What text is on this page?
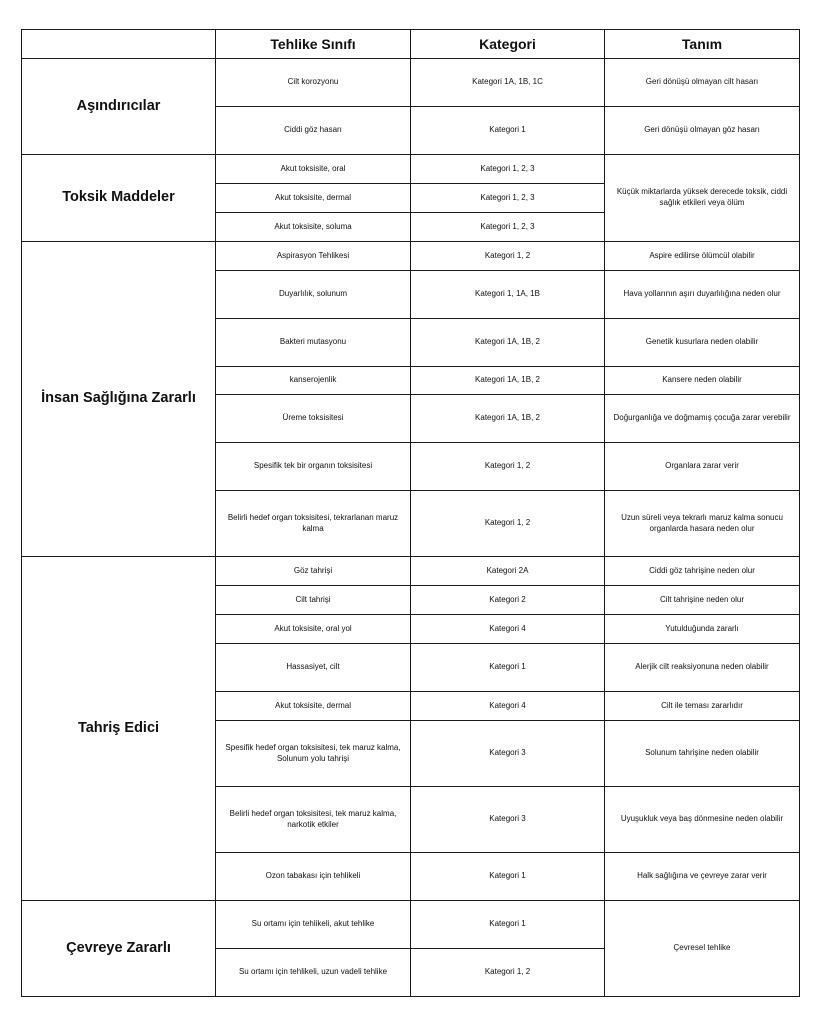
	Tehlike Sınıfı	Kategori	Tanım
Aşındırıcılar	Cilt korozyonu	Kategori 1A, 1B, 1C	Geri dönüşü olmayan cilt hasarı
	Ciddi göz hasarı	Kategori 1	Geri dönüşü olmayan göz hasarı
Toksik Maddeler	Akut toksisite, oral	Kategori 1, 2, 3	Küçük miktarlarda yüksek derecede toksik, ciddi sağlık etkileri veya ölüm
	Akut toksisite, dermal	Kategori 1, 2, 3	
	Akut toksisite, soluma	Kategori 1, 2, 3	
İnsan Sağlığına Zararlı	Aspirasyon Tehlikesi	Kategori 1, 2	Aspire edilirse ölümcül olabilir
	Duyarlılık, solunum	Kategori 1, 1A, 1B	Hava yollarının aşırı duyarlılığına neden olur
	Bakteri mutasyonu	Kategori 1A, 1B, 2	Genetik kusurlara neden olabilir
	kanserojenlik	Kategori 1A, 1B, 2	Kansere neden olabilir
	Üreme toksisitesi	Kategori 1A, 1B, 2	Doğurganlığa ve doğmamış çocuğa zarar verebilir
	Spesifik tek bir organın toksisitesi	Kategori 1, 2	Organlara zarar verir
	Belirli hedef organ toksisitesi, tekrarlanan maruz kalma	Kategori 1, 2	Uzun süreli veya tekrarlı maruz kalma sonucu organlarda hasara neden olur
Tahriş Edici	Göz tahrişi	Kategori 2A	Ciddi göz tahrişine neden olur
	Cilt tahrişi	Kategori 2	Cilt tahrişine neden olur
	Akut toksisite, oral yol	Kategori 4	Yutulduğunda zararlı
	Hassasiyet, cilt	Kategori 1	Alerjik cilt reaksiyonuna neden olabilir
	Akut toksisite, dermal	Kategori 4	Cilt ile teması zararlıdır
	Spesifik hedef organ toksisitesi, tek maruz kalma, Solunum yolu tahrişi	Kategori 3	Solunum tahrişine neden olabilir
	Belirli hedef organ toksisitesi, tek maruz kalma, narkotik etkiler	Kategori 3	Uyuşukluk veya baş dönmesine neden olabilir
	Ozon tabakası için tehlikeli	Kategori 1	Halk sağlığına ve çevreye zarar verir
Çevreye Zararlı	Su ortamı için tehlikeli, akut tehlike	Kategori 1	Çevresel tehlike
	Su ortamı için tehlikeli, uzun vadeli tehlike	Kategori 1, 2	
